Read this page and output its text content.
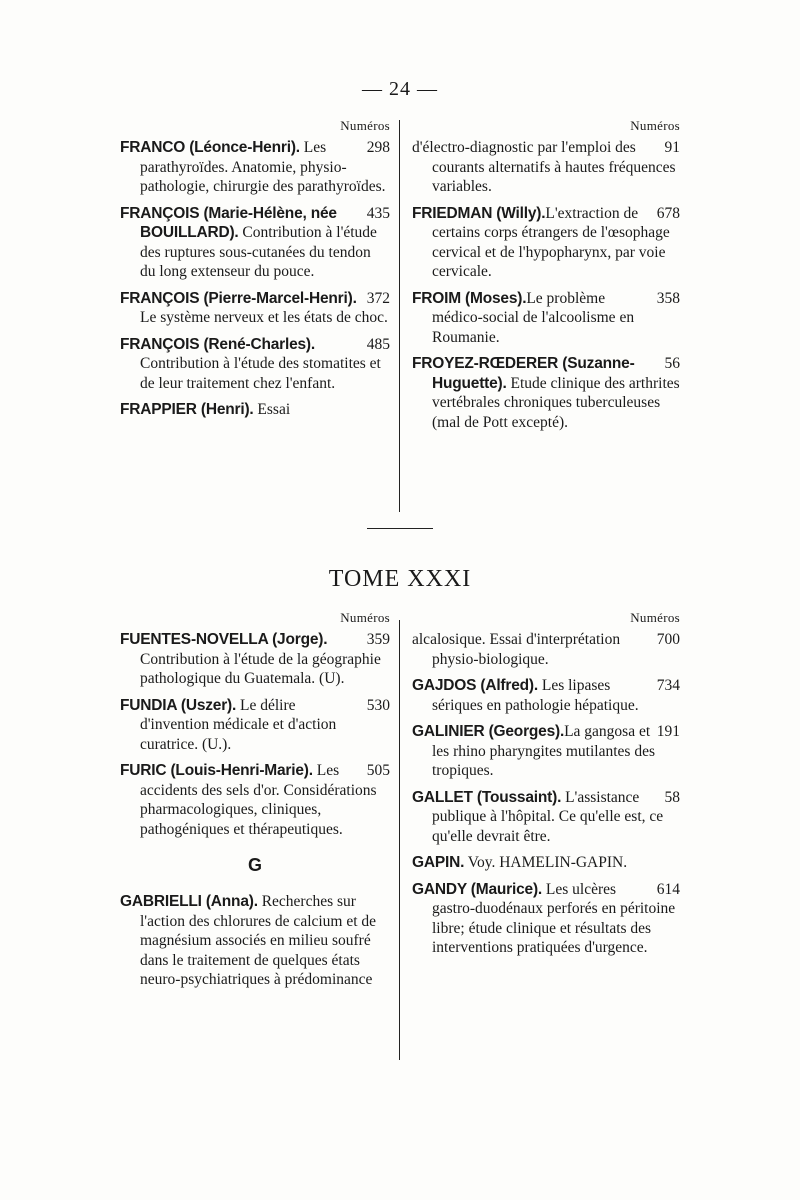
— 24 —
Numéros
298
FRANCO (Léonce-Henri). Les parathyroïdes. Anatomie, physio-pathologie, chirurgie des parathyroïdes.
435
FRANÇOIS (Marie-Hélène, née BOUILLARD). Contribution à l'étude des ruptures sous-cutanées du tendon du long extenseur du pouce.
372
FRANÇOIS (Pierre-Marcel-Henri). Le système nerveux et les états de choc.
485
FRANÇOIS (René-Charles). Contribution à l'étude des stomatites et de leur traitement chez l'enfant.
FRAPPIER (Henri). Essai
Numéros
91
d'électro-diagnostic par l'emploi des courants alternatifs à hautes fréquences variables.
678
FRIEDMAN (Willy).L'extraction de certains corps étrangers de l'œsophage cervical et de l'hypopharynx, par voie cervicale.
358
FROIM (Moses).Le problème médico-social de l'alcoolisme en Roumanie.
56
FROYEZ-RŒDERER (Suzanne-Huguette). Etude clinique des arthrites vertébrales chroniques tuberculeuses (mal de Pott excepté).
TOME XXXI
Numéros
359
FUENTES-NOVELLA (Jorge). Contribution à l'étude de la géographie pathologique du Guatemala. (U).
530
FUNDIA (Uszer). Le délire d'invention médicale et d'action curatrice. (U.).
505
FURIC (Louis-Henri-Marie). Les accidents des sels d'or. Considérations pharmacologiques, cliniques, pathogéniques et thérapeutiques.
G
GABRIELLI (Anna). Recherches sur l'action des chlorures de calcium et de magnésium associés en milieu soufré dans le traitement de quelques états neuro-psychiatriques à prédominance
Numéros
700
alcalosique. Essai d'interprétation physio-biologique.
734
GAJDOS (Alfred). Les lipases sériques en pathologie hépatique.
191
GALINIER (Georges).La gangosa et les rhino pharyngites mutilantes des tropiques.
58
GALLET (Toussaint). L'assistance publique à l'hôpital. Ce qu'elle est, ce qu'elle devrait être.
GAPIN. Voy. HAMELIN-GAPIN.
614
GANDY (Maurice). Les ulcères gastro-duodénaux perforés en péritoine libre; étude clinique et résultats des interventions pratiquées d'urgence.
